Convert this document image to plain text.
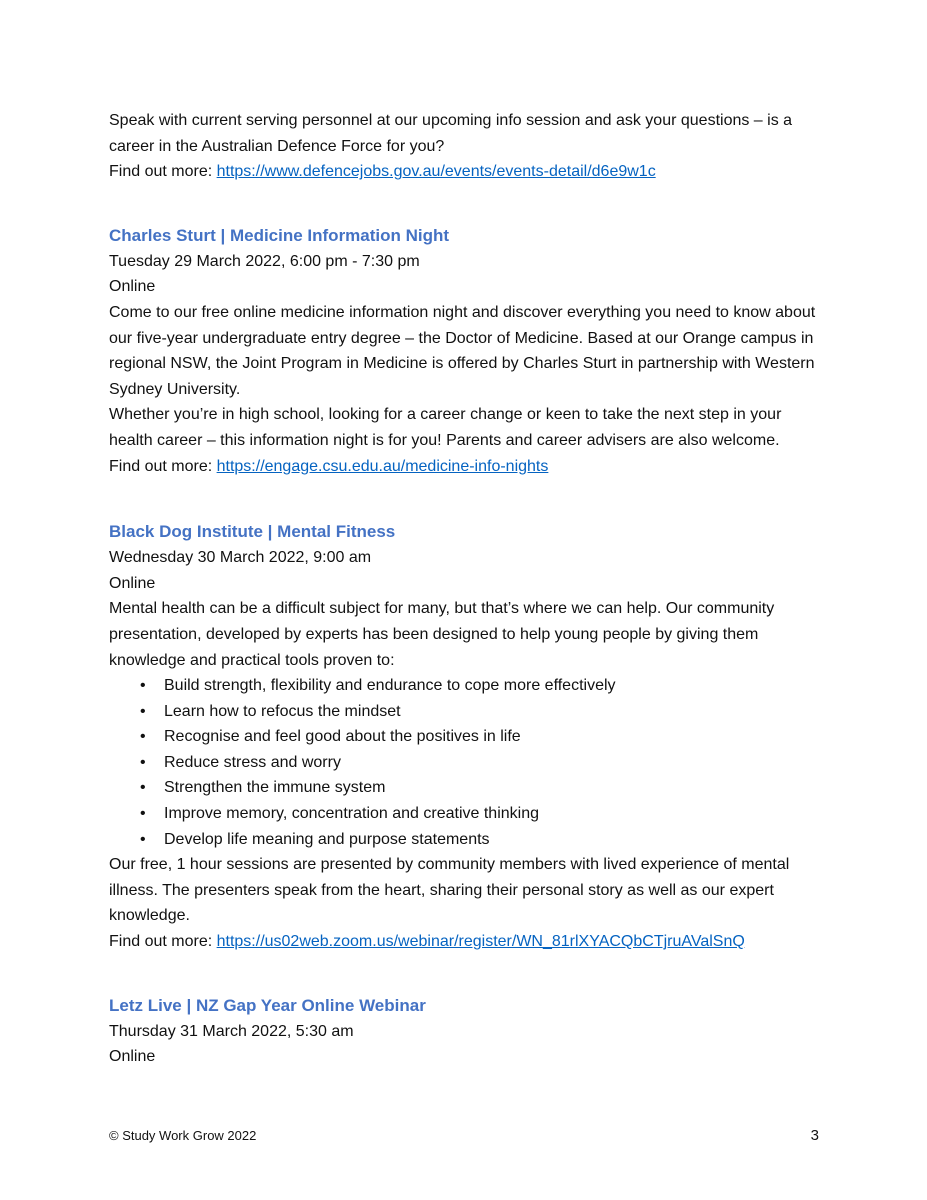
Speak with current serving personnel at our upcoming info session and ask your questions – is a career in the Australian Defence Force for you?

Find out more: https://www.defencejobs.gov.au/events/events-detail/d6e9w1c

Charles Sturt | Medicine Information Night

Tuesday 29 March 2022, 6:00 pm - 7:30 pm

Online

Come to our free online medicine information night and discover everything you need to know about our five-year undergraduate entry degree – the Doctor of Medicine. Based at our Orange campus in regional NSW, the Joint Program in Medicine is offered by Charles Sturt in partnership with Western Sydney University.

Whether you’re in high school, looking for a career change or keen to take the next step in your health career – this information night is for you! Parents and career advisers are also welcome.

Find out more: https://engage.csu.edu.au/medicine-info-nights

Black Dog Institute | Mental Fitness

Wednesday 30 March 2022, 9:00 am

Online

Mental health can be a difficult subject for many, but that’s where we can help. Our community presentation, developed by experts has been designed to help young people by giving them knowledge and practical tools proven to:

• Build strength, flexibility and endurance to cope more effectively
• Learn how to refocus the mindset
• Recognise and feel good about the positives in life
• Reduce stress and worry
• Strengthen the immune system
• Improve memory, concentration and creative thinking
• Develop life meaning and purpose statements

Our free, 1 hour sessions are presented by community members with lived experience of mental illness. The presenters speak from the heart, sharing their personal story as well as our expert knowledge.

Find out more: https://us02web.zoom.us/webinar/register/WN_81rlXYACQbCTjruAValSnQ

Letz Live | NZ Gap Year Online Webinar

Thursday 31 March 2022, 5:30 am

Online

© Study Work Grow 2022	3
